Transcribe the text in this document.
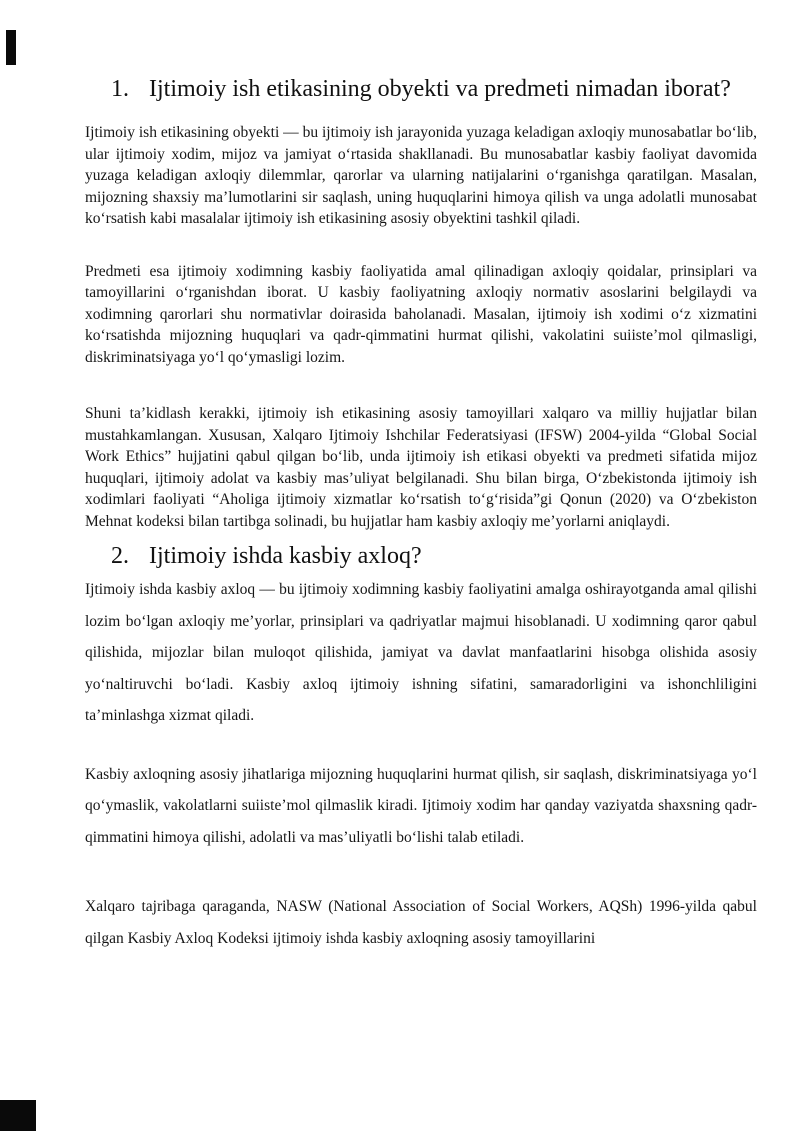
1. Ijtimoiy ish etikasining obyekti va predmeti nimadan iborat?

Ijtimoiy ish etikasining obyekti — bu ijtimoiy ish jarayonida yuzaga keladigan axloqiy munosabatlar bo‘lib, ular ijtimoiy xodim, mijoz va jamiyat o‘rtasida shakllanadi. Bu munosabatlar kasbiy faoliyat davomida yuzaga keladigan axloqiy dilemmlar, qarorlar va ularning natijalarini o‘rganishga qaratilgan. Masalan, mijozning shaxsiy ma’lumotlarini sir saqlash, uning huquqlarini himoya qilish va unga adolatli munosabat ko‘rsatish kabi masalalar ijtimoiy ish etikasining asosiy obyektini tashkil qiladi.

Predmeti esa ijtimoiy xodimning kasbiy faoliyatida amal qilinadigan axloqiy qoidalar, prinsiplari va tamoyillarini o‘rganishdan iborat. U kasbiy faoliyatning axloqiy normativ asoslarini belgilaydi va xodimning qarorlari shu normativlar doirasida baholanadi. Masalan, ijtimoiy ish xodimi o‘z xizmatini ko‘rsatishda mijozning huquqlari va qadr-qimmatini hurmat qilishi, vakolatini suiiste’mol qilmasligi, diskriminatsiyaga yo‘l qo‘ymasligi lozim.

Shuni ta’kidlash kerakki, ijtimoiy ish etikasining asosiy tamoyillari xalqaro va milliy hujjatlar bilan mustahkamlangan. Xususan, Xalqaro Ijtimoiy Ishchilar Federatsiyasi (IFSW) 2004-yilda “Global Social Work Ethics” hujjatini qabul qilgan bo‘lib, unda ijtimoiy ish etikasi obyekti va predmeti sifatida mijoz huquqlari, ijtimoiy adolat va kasbiy mas’uliyat belgilanadi. Shu bilan birga, O‘zbekistonda ijtimoiy ish xodimlari faoliyati “Aholiga ijtimoiy xizmatlar ko‘rsatish to‘g‘risida”gi Qonun (2020) va O‘zbekiston Mehnat kodeksi bilan tartibga solinadi, bu hujjatlar ham kasbiy axloqiy me’yorlarni aniqlaydi.

2. Ijtimoiy ishda kasbiy axloq?

Ijtimoiy ishda kasbiy axloq — bu ijtimoiy xodimning kasbiy faoliyatini amalga oshirayotganda amal qilishi lozim bo‘lgan axloqiy me’yorlar, prinsiplari va qadriyatlar majmui hisoblanadi. U xodimning qaror qabul qilishida, mijozlar bilan muloqot qilishida, jamiyat va davlat manfaatlarini hisobga olishida asosiy yo‘naltiruvchi bo‘ladi. Kasbiy axloq ijtimoiy ishning sifatini, samaradorligini va ishonchliligini ta’minlashga xizmat qiladi.

Kasbiy axloqning asosiy jihatlariga mijozning huquqlarini hurmat qilish, sir saqlash, diskriminatsiyaga yo‘l qo‘ymaslik, vakolatlarni suiiste’mol qilmaslik kiradi. Ijtimoiy xodim har qanday vaziyatda shaxsning qadr-qimmatini himoya qilishi, adolatli va mas’uliyatli bo‘lishi talab etiladi.

Xalqaro tajribaga qaraganda, NASW (National Association of Social Workers, AQSh) 1996-yilda qabul qilgan Kasbiy Axloq Kodeksi ijtimoiy ishda kasbiy axloqning asosiy tamoyillarini
